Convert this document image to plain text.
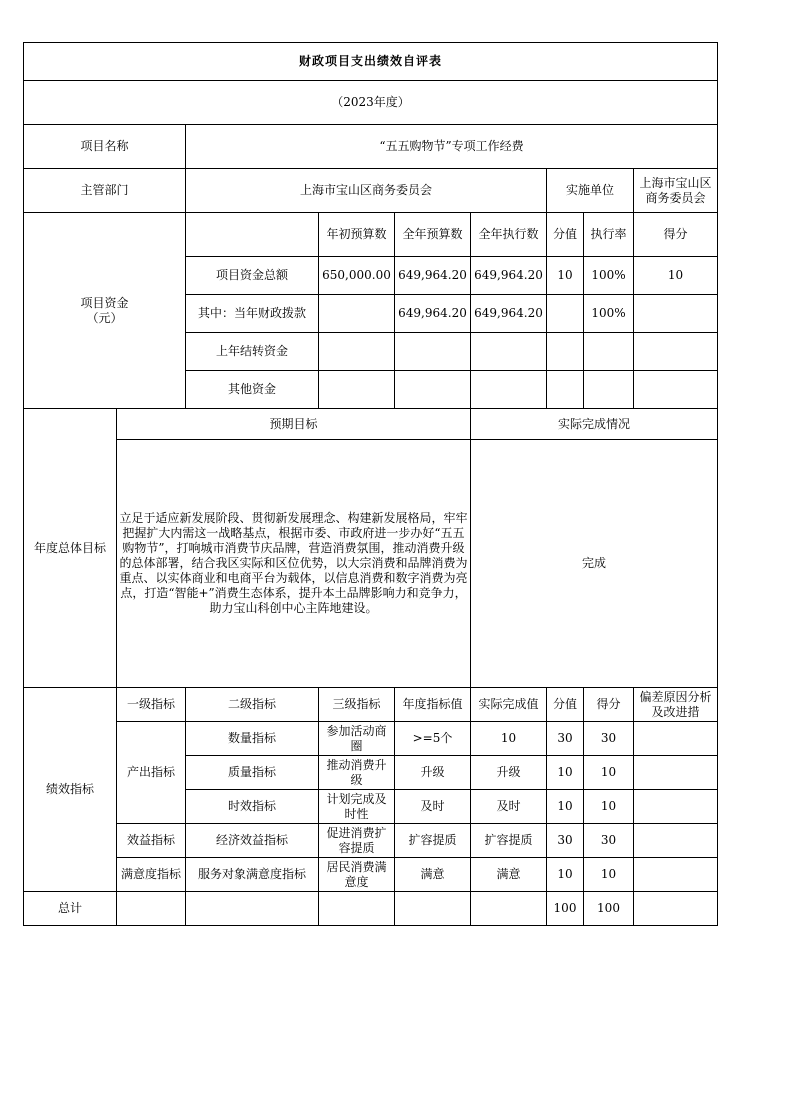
财政项目支出绩效自评表								
（2023年度）								
项目名称		“五五购物节”专项工作经费						
主管部门		上海市宝山区商务委员会				实施单位		上海市宝山区商务委员会
项目资金
（元）			年初预算数	全年预算数	全年执行数	分值	执行率	得分
		项目资金总额	650,000.00	649,964.20	649,964.20	10	100%	10
		其中：当年财政拨款		649,964.20	649,964.20		100%	
		上年结转资金						
		其他资金						
年度总体目标	预期目标				实际完成情况			
	立足于适应新发展阶段、贯彻新发展理念、构建新发展格局，牢牢把握扩大内需这一战略基点，根据市委、市政府进一步办好“五五购物节”，打响城市消费节庆品牌，营造消费氛围，推动消费升级的总体部署，结合我区实际和区位优势，以大宗消费和品牌消费为重点、以实体商业和电商平台为载体，以信息消费和数字消费为亮点，打造“智能+”消费生态体系，提升本土品牌影响力和竞争力，助力宝山科创中心主阵地建设。				完成			
绩效指标	一级指标	二级指标	三级指标	年度指标值	实际完成值	分值	得分	偏差原因分析及改进措
	产出指标	数量指标	参加活动商圈	>=5个	10	30	30	
		质量指标	推动消费升级	升级	升级	10	10	
		时效指标	计划完成及时性	及时	及时	10	10	
	效益指标	经济效益指标	促进消费扩容提质	扩容提质	扩容提质	30	30	
	满意度指标	服务对象满意度指标	居民消费满意度	满意	满意	10	10	
总计						100	100	
